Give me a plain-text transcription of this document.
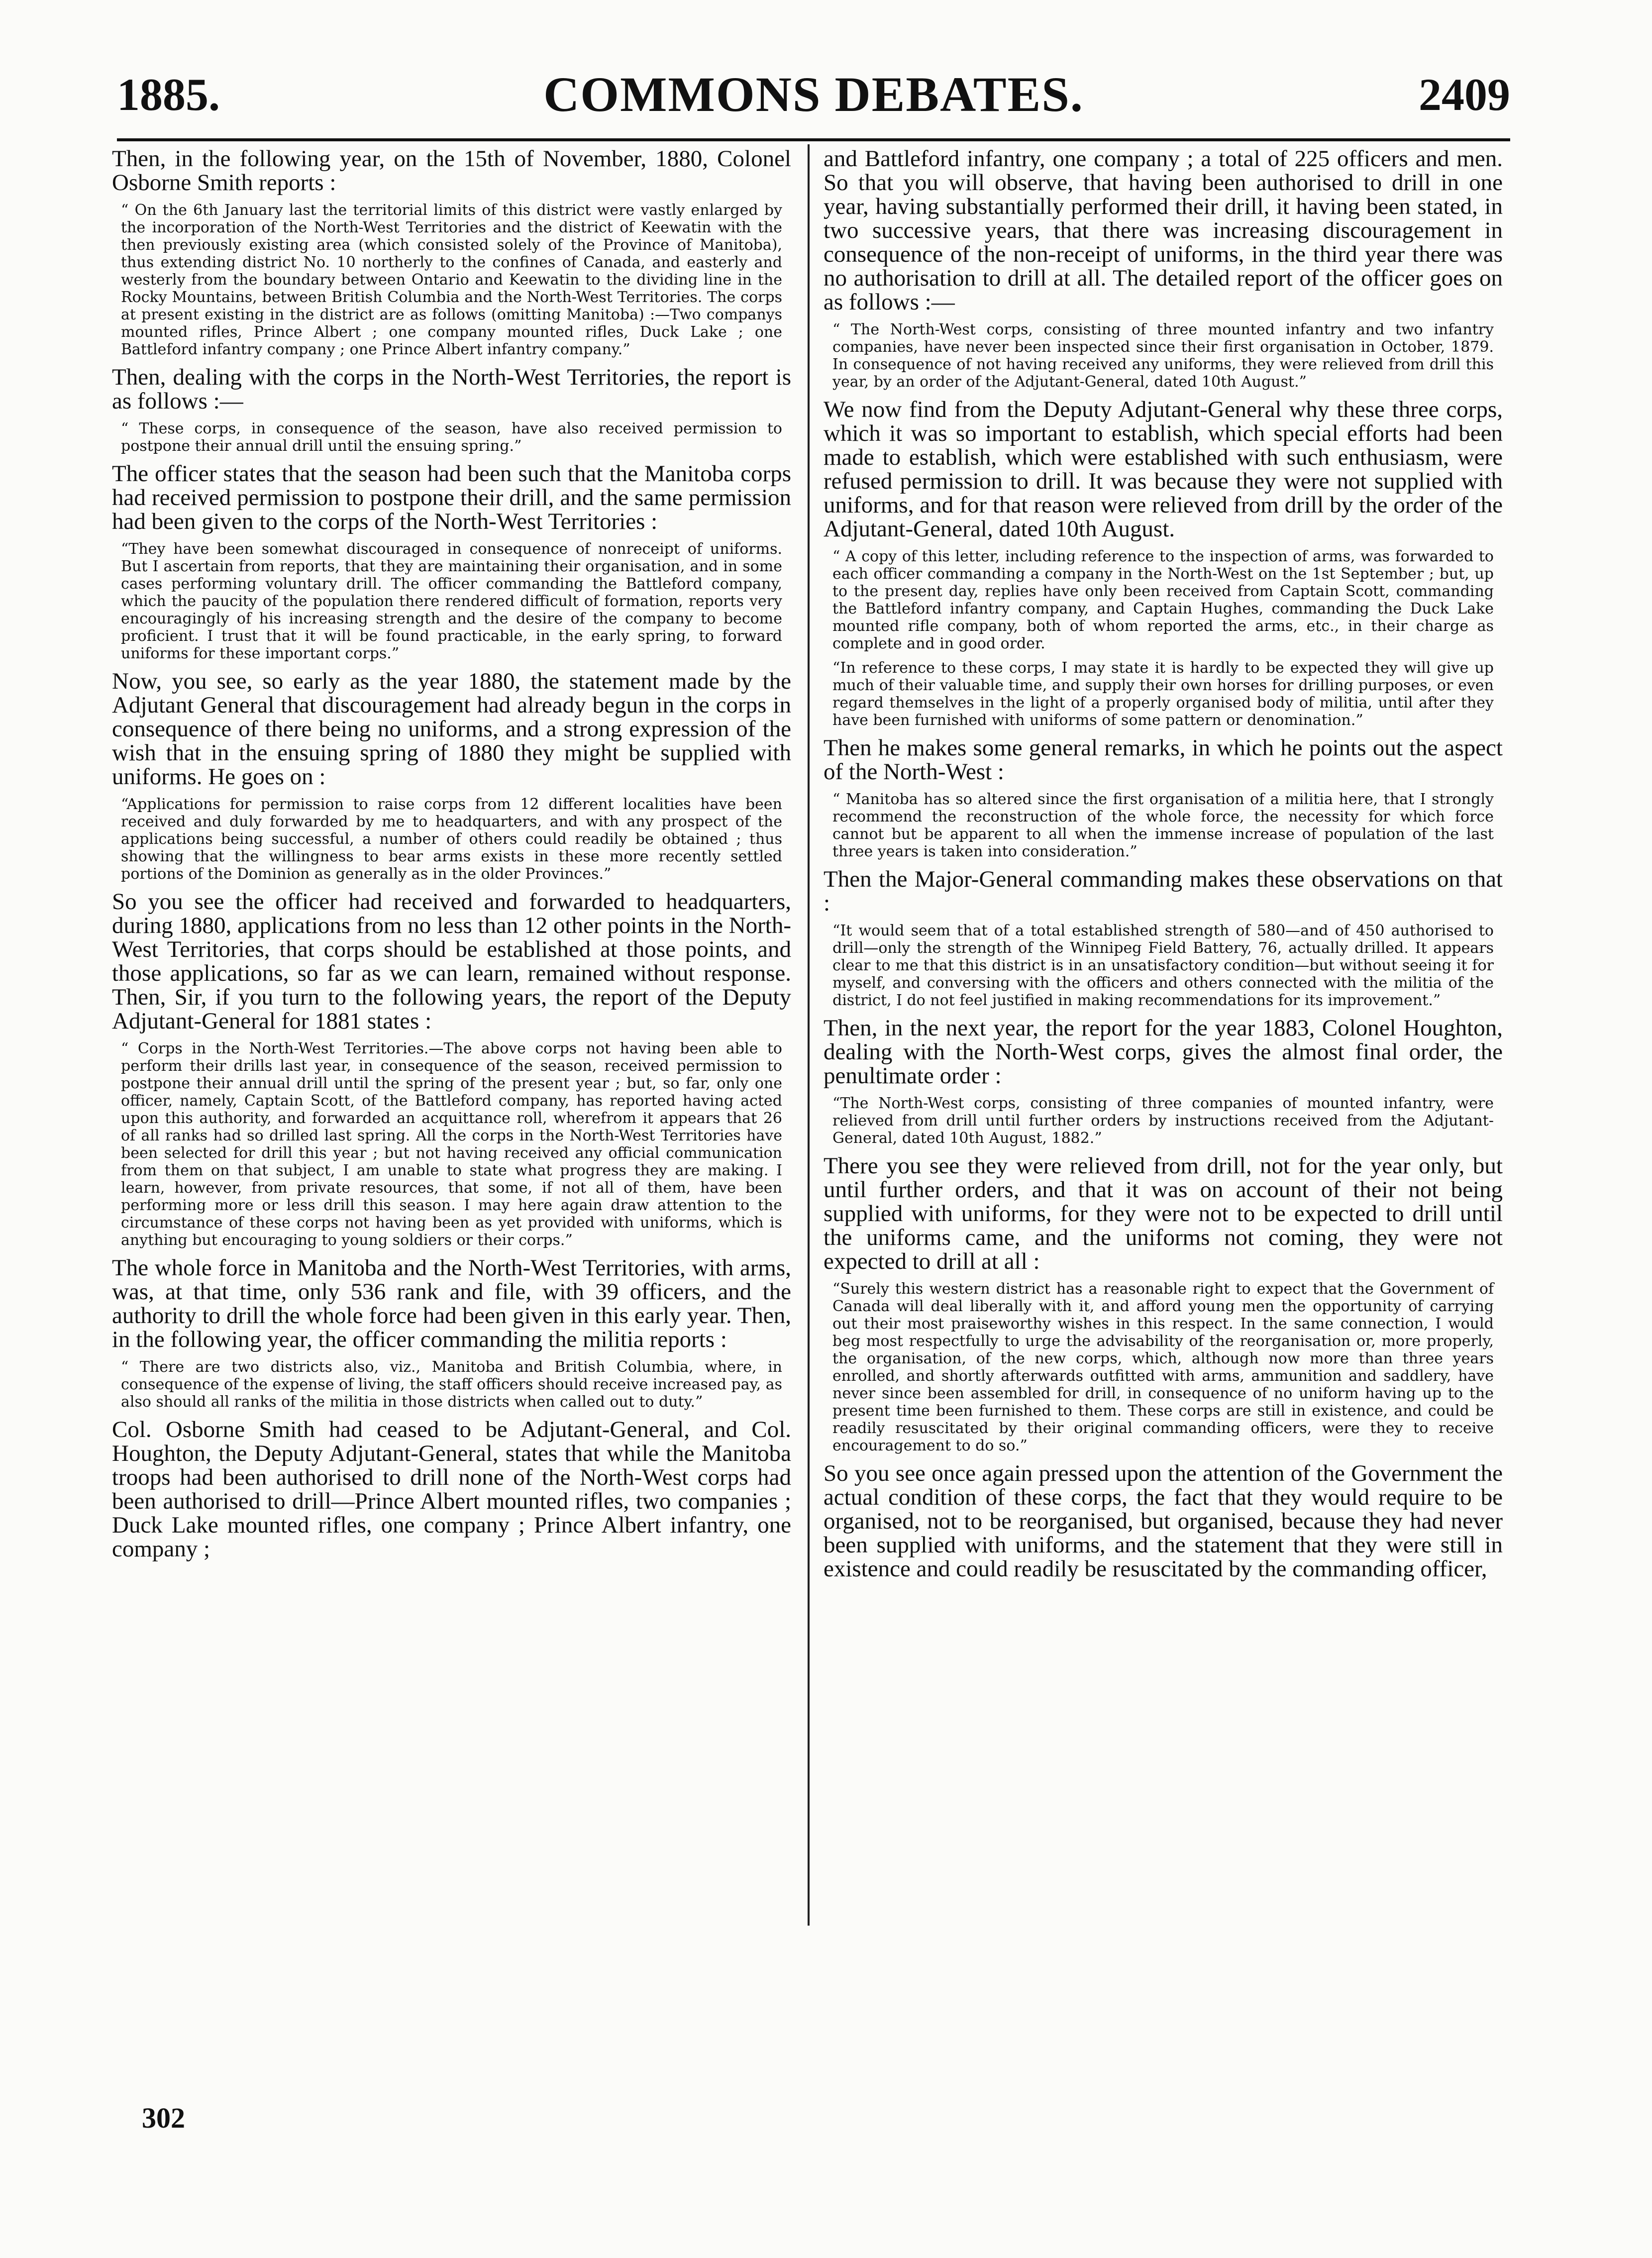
1885.	COMMONS DEBATES.	2409

Then, in the following year, on the 15th of November, 1880, Colonel Osborne Smith reports :

“ On the 6th January last the territorial limits of this district were vastly enlarged by the incorporation of the North-West Territories and the district of Keewatin with the then previously existing area (which consisted solely of the Province of Manitoba), thus extending district No. 10 northerly to the confines of Canada, and easterly and westerly from the boundary between Ontario and Keewatin to the dividing line in the Rocky Mountains, between British Columbia and the North-West Territories. The corps at present existing in the district are as follows (omitting Manitoba) :—Two companys mounted rifles, Prince Albert ; one company mounted rifles, Duck Lake ; one Battleford infantry company ; one Prince Albert infantry company.”

Then, dealing with the corps in the North-West Territories, the report is as follows :—

“ These corps, in consequence of the season, have also received permission to postpone their annual drill until the ensuing spring.”

The officer states that the season had been such that the Manitoba corps had received permission to postpone their drill, and the same permission had been given to the corps of the North-West Territories :

“They have been somewhat discouraged in consequence of nonreceipt of uniforms. But I ascertain from reports, that they are maintaining their organisation, and in some cases performing voluntary drill. The officer commanding the Battleford company, which the paucity of the population there rendered difficult of formation, reports very encouragingly of his increasing strength and the desire of the company to become proficient. I trust that it will be found practicable, in the early spring, to forward uniforms for these important corps.”

Now, you see, so early as the year 1880, the statement made by the Adjutant General that discouragement had already begun in the corps in consequence of there being no uniforms, and a strong expression of the wish that in the ensuing spring of 1880 they might be supplied with uniforms. He goes on :

“Applications for permission to raise corps from 12 different localities have been received and duly forwarded by me to headquarters, and with any prospect of the applications being successful, a number of others could readily be obtained ; thus showing that the willingness to bear arms exists in these more recently settled portions of the Dominion as generally as in the older Provinces.”

So you see the officer had received and forwarded to headquarters, during 1880, applications from no less than 12 other points in the North-West Territories, that corps should be established at those points, and those applications, so far as we can learn, remained without response. Then, Sir, if you turn to the following years, the report of the Deputy Adjutant-General for 1881 states :

“ Corps in the North-West Territories.—The above corps not having been able to perform their drills last year, in consequence of the season, received permission to postpone their annual drill until the spring of the present year ; but, so far, only one officer, namely, Captain Scott, of the Battleford company, has reported having acted upon this authority, and forwarded an acquittance roll, wherefrom it appears that 26 of all ranks had so drilled last spring. All the corps in the North-West Territories have been selected for drill this year ; but not having received any official communication from them on that subject, I am unable to state what progress they are making. I learn, however, from private resources, that some, if not all of them, have been performing more or less drill this season. I may here again draw attention to the circumstance of these corps not having been as yet provided with uniforms, which is anything but encouraging to young soldiers or their corps.”

The whole force in Manitoba and the North-West Territories, with arms, was, at that time, only 536 rank and file, with 39 officers, and the authority to drill the whole force had been given in this early year. Then, in the following year, the officer commanding the militia reports :

“ There are two districts also, viz., Manitoba and British Columbia, where, in consequence of the expense of living, the staff officers should receive increased pay, as also should all ranks of the militia in those districts when called out to duty.”

Col. Osborne Smith had ceased to be Adjutant-General, and Col. Houghton, the Deputy Adjutant-General, states that while the Manitoba troops had been authorised to drill none of the North-West corps had been authorised to drill—Prince Albert mounted rifles, two companies ; Duck Lake mounted rifles, one company ; Prince Albert infantry, one company ;

and Battleford infantry, one company ; a total of 225 officers and men. So that you will observe, that having been authorised to drill in one year, having substantially performed their drill, it having been stated, in two successive years, that there was increasing discouragement in consequence of the non-receipt of uniforms, in the third year there was no authorisation to drill at all. The detailed report of the officer goes on as follows :—

“ The North-West corps, consisting of three mounted infantry and two infantry companies, have never been inspected since their first organisation in October, 1879. In consequence of not having received any uniforms, they were relieved from drill this year, by an order of the Adjutant-General, dated 10th August.”

We now find from the Deputy Adjutant-General why these three corps, which it was so important to establish, which special efforts had been made to establish, which were established with such enthusiasm, were refused permission to drill. It was because they were not supplied with uniforms, and for that reason were relieved from drill by the order of the Adjutant-General, dated 10th August.

“ A copy of this letter, including reference to the inspection of arms, was forwarded to each officer commanding a company in the North-West on the 1st September ; but, up to the present day, replies have only been received from Captain Scott, commanding the Battleford infantry company, and Captain Hughes, commanding the Duck Lake mounted rifle company, both of whom reported the arms, etc., in their charge as complete and in good order.

“In reference to these corps, I may state it is hardly to be expected they will give up much of their valuable time, and supply their own horses for drilling purposes, or even regard themselves in the light of a properly organised body of militia, until after they have been furnished with uniforms of some pattern or denomination.”

Then he makes some general remarks, in which he points out the aspect of the North-West :

“ Manitoba has so altered since the first organisation of a militia here, that I strongly recommend the reconstruction of the whole force, the necessity for which force cannot but be apparent to all when the immense increase of population of the last three years is taken into consideration.”

Then the Major-General commanding makes these observations on that :

“It would seem that of a total established strength of 580—and of 450 authorised to drill—only the strength of the Winnipeg Field Battery, 76, actually drilled. It appears clear to me that this district is in an unsatisfactory condition—but without seeing it for myself, and conversing with the officers and others connected with the militia of the district, I do not feel justified in making recommendations for its improvement.”

Then, in the next year, the report for the year 1883, Colonel Houghton, dealing with the North-West corps, gives the almost final order, the penultimate order :

“The North-West corps, consisting of three companies of mounted infantry, were relieved from drill until further orders by instructions received from the Adjutant-General, dated 10th August, 1882.”

There you see they were relieved from drill, not for the year only, but until further orders, and that it was on account of their not being supplied with uniforms, for they were not to be expected to drill until the uniforms came, and the uniforms not coming, they were not expected to drill at all :

“Surely this western district has a reasonable right to expect that the Government of Canada will deal liberally with it, and afford young men the opportunity of carrying out their most praiseworthy wishes in this respect. In the same connection, I would beg most respectfully to urge the advisability of the reorganisation or, more properly, the organisation, of the new corps, which, although now more than three years enrolled, and shortly afterwards outfitted with arms, ammunition and saddlery, have never since been assembled for drill, in consequence of no uniform having up to the present time been furnished to them. These corps are still in existence, and could be readily resuscitated by their original commanding officers, were they to receive encouragement to do so.”

So you see once again pressed upon the attention of the Government the actual condition of these corps, the fact that they would require to be organised, not to be reorganised, but organised, because they had never been supplied with uniforms, and the statement that they were still in existence and could readily be resuscitated by the commanding officer,

302
